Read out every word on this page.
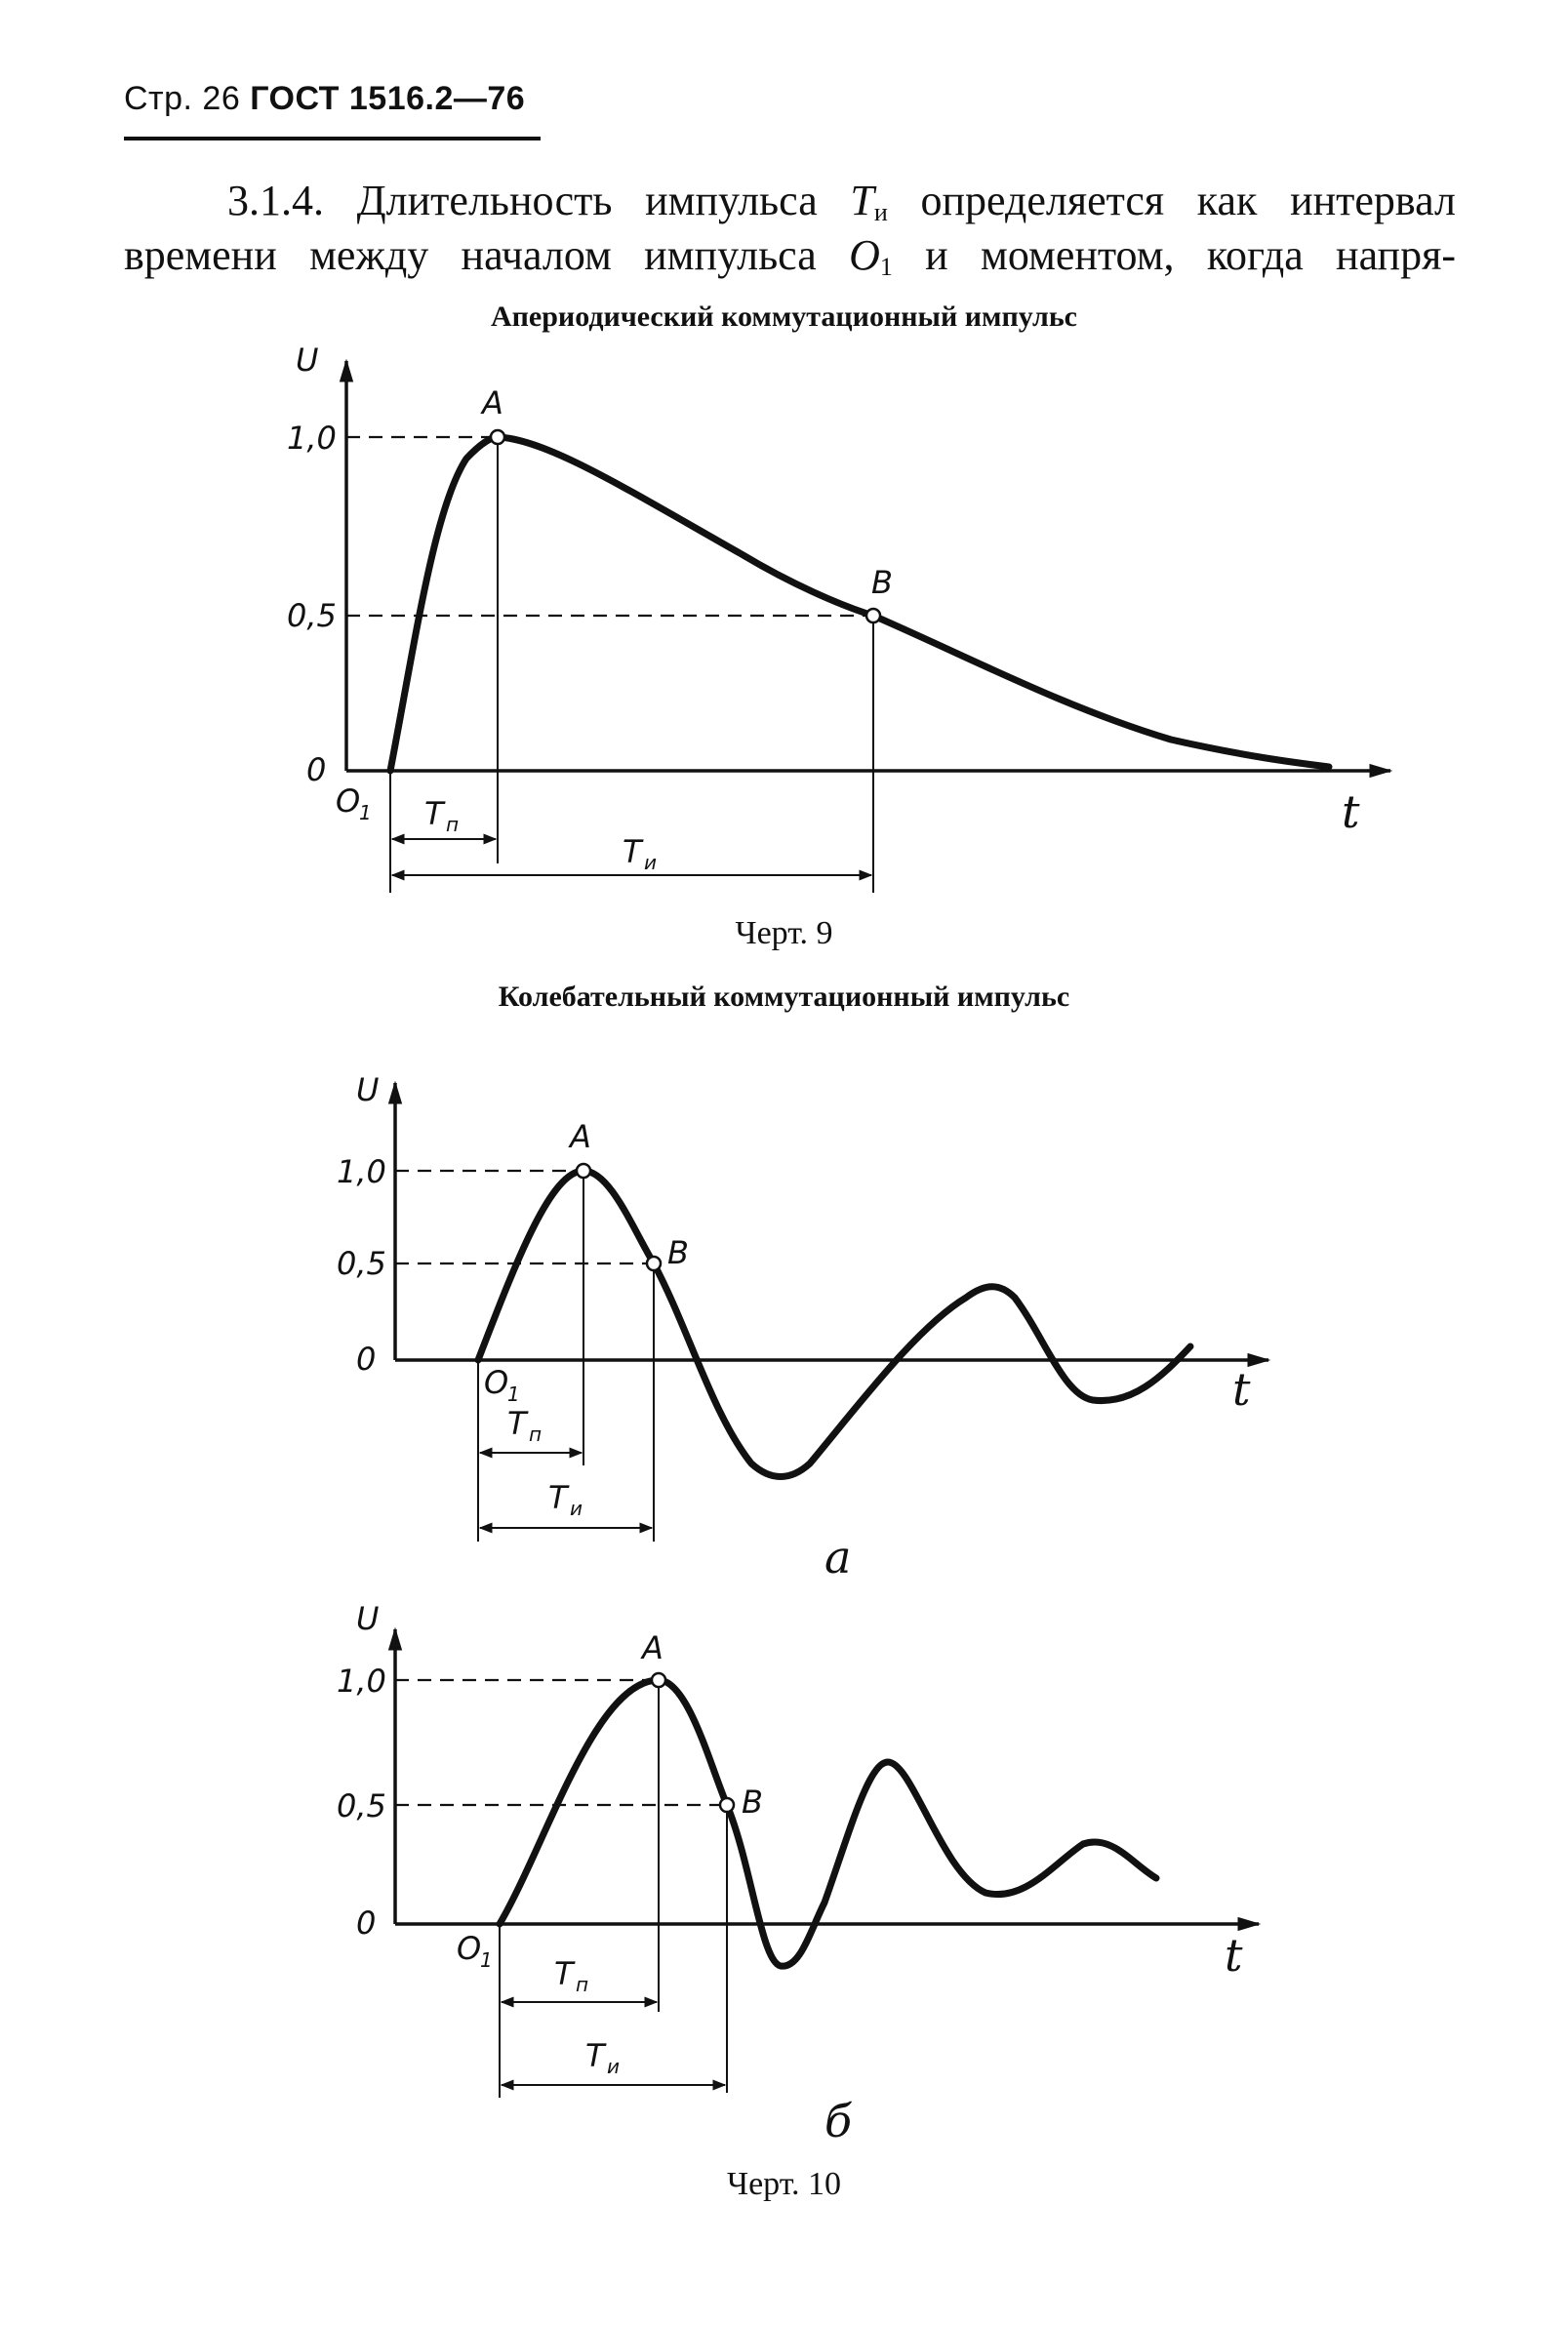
Стр. 26 ГОСТ 1516.2—76
3.1.4. Длительность импульса $T_и$ определяется как интервал
времени между началом импульса $O_1$ и моментом, когда напря-
Апериодический коммутационный импульс
Черт. 9
Колебательный коммутационный импульс
Черт. 10
U
1,0
0,5
0
O
1
A
B
T п
T и
t
U
1,0
0,5
0
O
1
A
B
T п
T и
t
а
U
1,0
0,5
0
O
1
A
B
T п
T и
t
б
